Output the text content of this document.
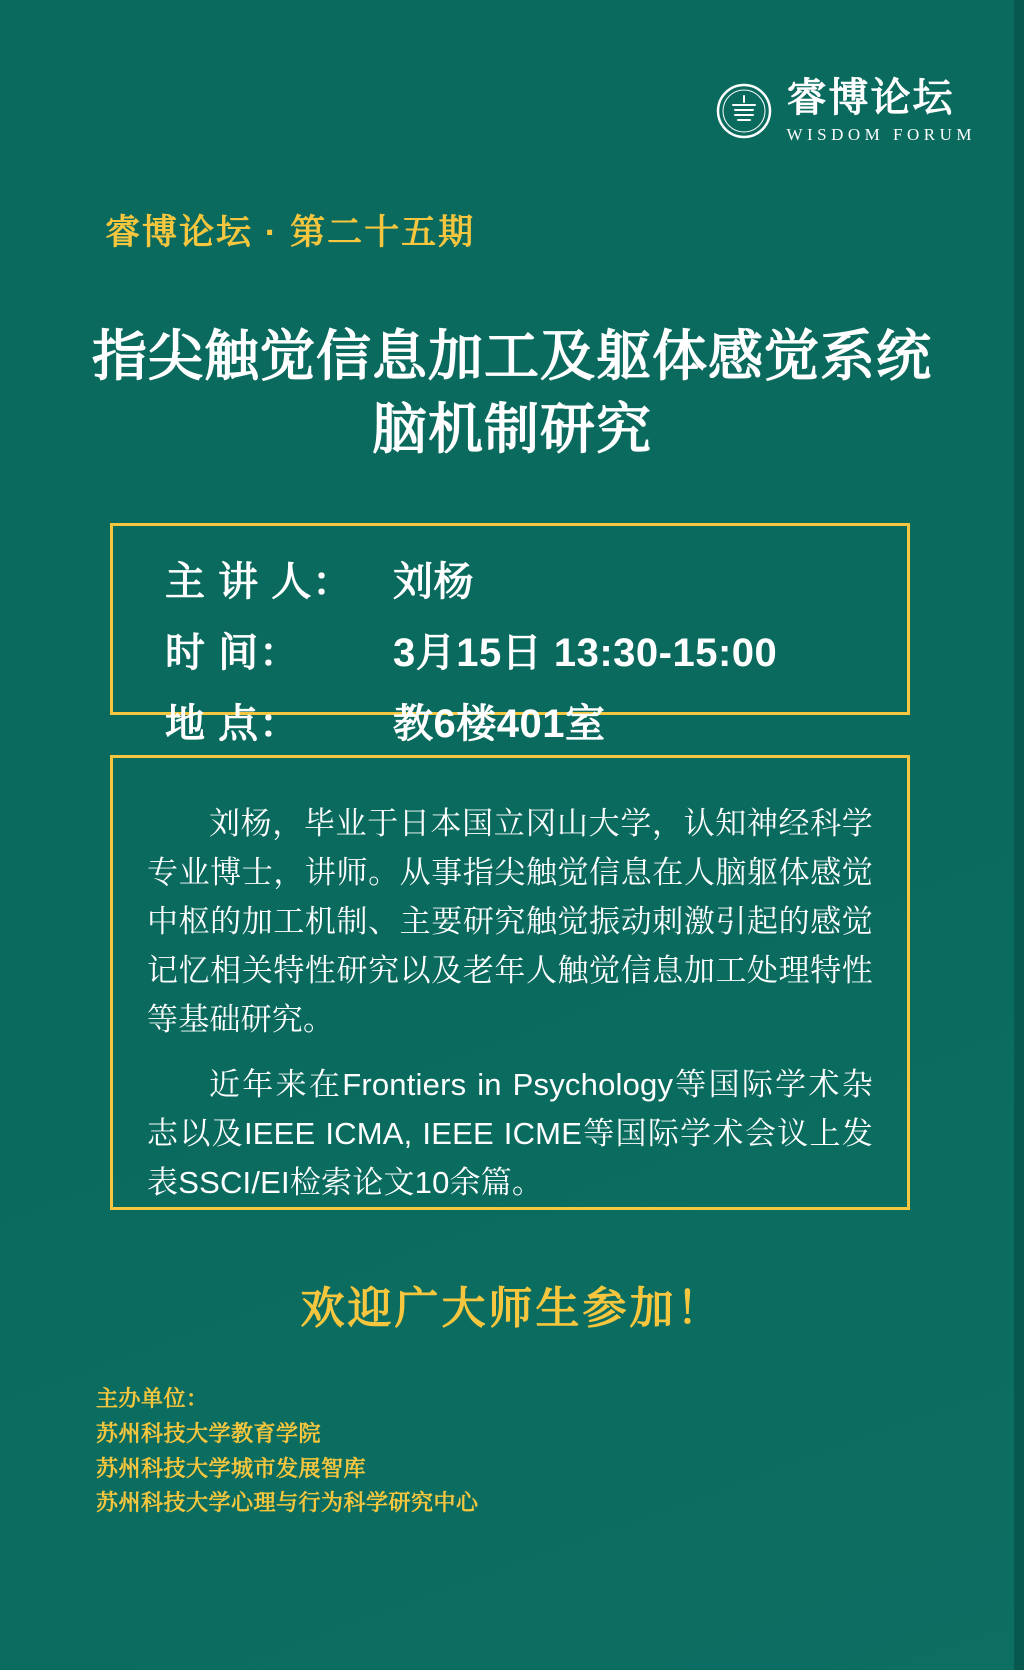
睿博论坛
WISDOM FORUM
睿博论坛 · 第二十五期
指尖触觉信息加工及躯体感觉系统脑机制研究
主 讲 人： 刘杨
时 间：	3月15日 13:30-15:00
地 点：	教6楼401室

刘杨，毕业于日本国立冈山大学，认知神经科学专业博士，讲师。从事指尖触觉信息在人脑躯体感觉中枢的加工机制、主要研究触觉振动刺激引起的感觉记忆相关特性研究以及老年人触觉信息加工处理特性等基础研究。

近年来在Frontiers in Psychology等国际学术杂志以及IEEE ICMA, IEEE ICME等国际学术会议上发表SSCI/EI检索论文10余篇。

欢迎广大师生参加！
主办单位：
苏州科技大学教育学院
苏州科技大学城市发展智库
苏州科技大学心理与行为科学研究中心
